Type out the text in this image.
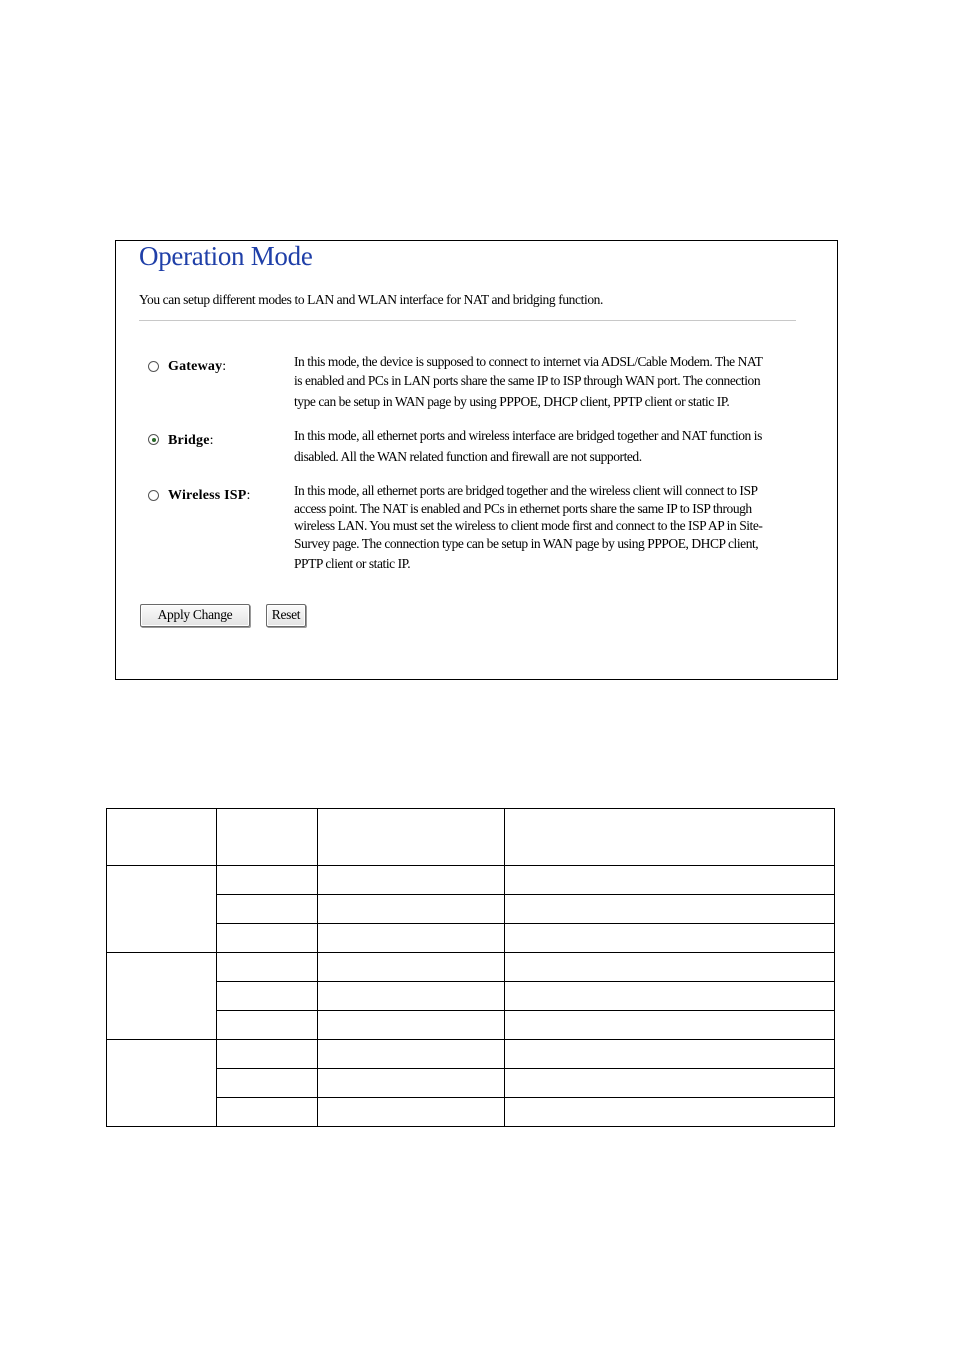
Operation Mode
You can setup different modes to LAN and WLAN interface for NAT and bridging function.
Gateway:	In this mode, the device is supposed to connect to internet via ADSL/Cable Modem. The NAT
is enabled and PCs in LAN ports share the same IP to ISP through WAN port. The connection
type can be setup in WAN page by using PPPOE, DHCP client, PPTP client or static IP.
Bridge:	In this mode, all ethernet ports and wireless interface are bridged together and NAT function is
disabled. All the WAN related function and firewall are not supported.
Wireless ISP:	In this mode, all ethernet ports are bridged together and the wireless client will connect to ISP
access point. The NAT is enabled and PCs in ethernet ports share the same IP to ISP through
wireless LAN. You must set the wireless to client mode first and connect to the ISP AP in Site-
Survey page. The connection type can be setup in WAN page by using PPPOE, DHCP client,
PPTP client or static IP.
Apply Change	Reset
